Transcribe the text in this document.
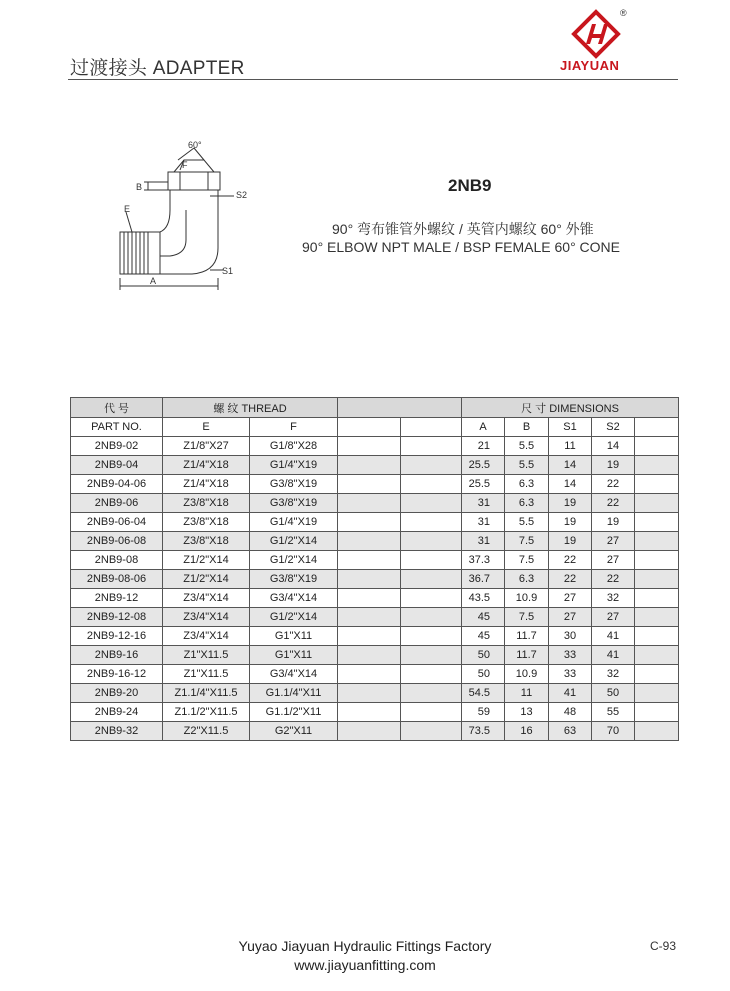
过渡接头 ADAPTER
®
JIAYUAN
60°
F
B
E
S2
S1
A
2NB9
90° 弯布锥管外螺纹 / 英管内螺纹 60° 外锥
90° ELBOW NPT MALE / BSP FEMALE 60° CONE
代 号	螺 纹 THREAD				尺 寸 DIMENSIONS				
PART NO.	E	F			A	B	S1	S2	
2NB9-02	Z1/8"X27	G1/8"X28			21	5.5	11	14	
2NB9-04	Z1/4"X18	G1/4"X19			25.5	5.5	14	19	
2NB9-04-06	Z1/4"X18	G3/8"X19			25.5	6.3	14	22	
2NB9-06	Z3/8"X18	G3/8"X19			31	6.3	19	22	
2NB9-06-04	Z3/8"X18	G1/4"X19			31	5.5	19	19	
2NB9-06-08	Z3/8"X18	G1/2"X14			31	7.5	19	27	
2NB9-08	Z1/2"X14	G1/2"X14			37.3	7.5	22	27	
2NB9-08-06	Z1/2"X14	G3/8"X19			36.7	6.3	22	22	
2NB9-12	Z3/4"X14	G3/4"X14			43.5	10.9	27	32	
2NB9-12-08	Z3/4"X14	G1/2"X14			45	7.5	27	27	
2NB9-12-16	Z3/4"X14	G1"X11			45	11.7	30	41	
2NB9-16	Z1"X11.5	G1"X11			50	11.7	33	41	
2NB9-16-12	Z1"X11.5	G3/4"X14			50	10.9	33	32	
2NB9-20	Z1.1/4"X11.5	G1.1/4"X11			54.5	11	41	50	
2NB9-24	Z1.1/2"X11.5	G1.1/2"X11			59	13	48	55	
2NB9-32	Z2"X11.5	G2"X11			73.5	16	63	70	
Yuyao Jiayuan Hydraulic Fittings Factory
www.jiayuanfitting.com
C-93
